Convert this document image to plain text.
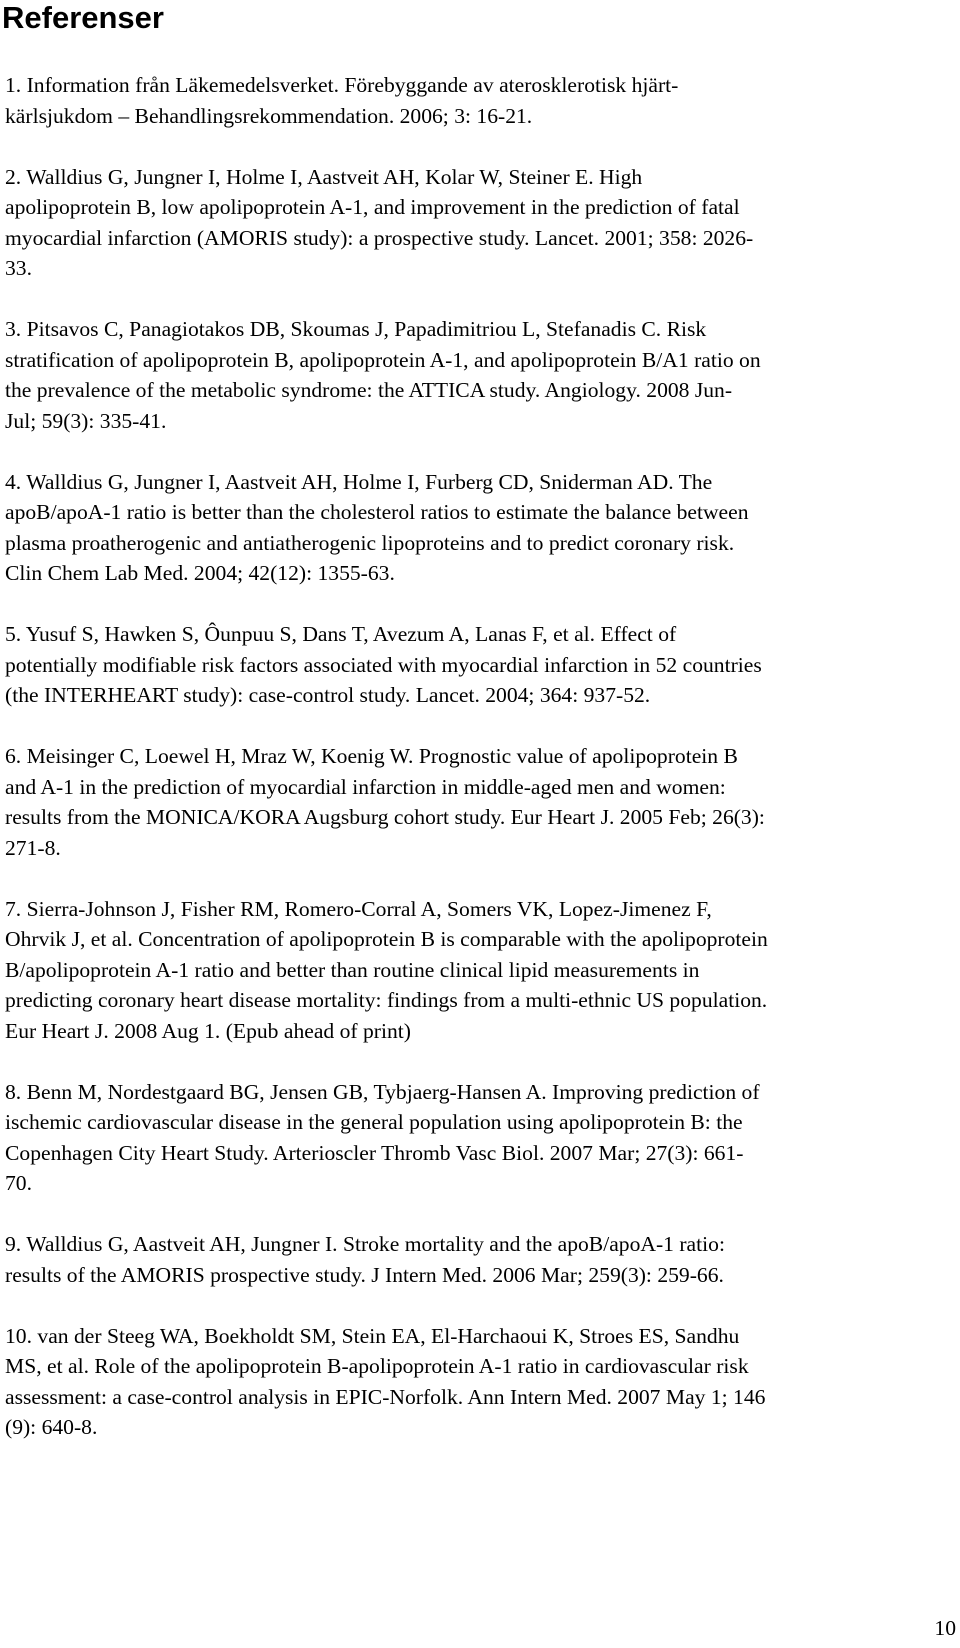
Referenser

1. Information från Läkemedelsverket. Förebyggande av aterosklerotisk hjärt-
kärlsjukdom – Behandlingsrekommendation. 2006; 3: 16-21.

2. Walldius G, Jungner I, Holme I, Aastveit AH, Kolar W, Steiner E. High
apolipoprotein B, low apolipoprotein A-1, and improvement in the prediction of fatal
myocardial infarction (AMORIS study): a prospective study. Lancet. 2001; 358: 2026-
33.

3. Pitsavos C, Panagiotakos DB, Skoumas J, Papadimitriou L, Stefanadis C. Risk
stratification of apolipoprotein B, apolipoprotein A-1, and apolipoprotein B/A1 ratio on
the prevalence of the metabolic syndrome: the ATTICA study. Angiology. 2008 Jun-
Jul; 59(3): 335-41.

4. Walldius G, Jungner I, Aastveit AH, Holme I, Furberg CD, Sniderman AD. The
apoB/apoA-1 ratio is better than the cholesterol ratios to estimate the balance between
plasma proatherogenic and antiatherogenic lipoproteins and to predict coronary risk.
Clin Chem Lab Med. 2004; 42(12): 1355-63.

5. Yusuf S, Hawken S, Ôunpuu S, Dans T, Avezum A, Lanas F, et al. Effect of
potentially modifiable risk factors associated with myocardial infarction in 52 countries
(the INTERHEART study): case-control study. Lancet. 2004; 364: 937-52.

6. Meisinger C, Loewel H, Mraz W, Koenig W. Prognostic value of apolipoprotein B
and A-1 in the prediction of myocardial infarction in middle-aged men and women:
results from the MONICA/KORA Augsburg cohort study. Eur Heart J. 2005 Feb; 26(3):
271-8.

7. Sierra-Johnson J, Fisher RM, Romero-Corral A, Somers VK, Lopez-Jimenez F,
Ohrvik J, et al. Concentration of apolipoprotein B is comparable with the apolipoprotein
B/apolipoprotein A-1 ratio and better than routine clinical lipid measurements in
predicting coronary heart disease mortality: findings from a multi-ethnic US population.
Eur Heart J. 2008 Aug 1. (Epub ahead of print)

8. Benn M, Nordestgaard BG, Jensen GB, Tybjaerg-Hansen A. Improving prediction of
ischemic cardiovascular disease in the general population using apolipoprotein B: the
Copenhagen City Heart Study. Arterioscler Thromb Vasc Biol. 2007 Mar; 27(3): 661-
70.

9. Walldius G, Aastveit AH, Jungner I. Stroke mortality and the apoB/apoA-1 ratio:
results of the AMORIS prospective study. J Intern Med. 2006 Mar; 259(3): 259-66.

10. van der Steeg WA, Boekholdt SM, Stein EA, El-Harchaoui K, Stroes ES, Sandhu
MS, et al. Role of the apolipoprotein B-apolipoprotein A-1 ratio in cardiovascular risk
assessment: a case-control analysis in EPIC-Norfolk. Ann Intern Med. 2007 May 1; 146
(9): 640-8.

10
